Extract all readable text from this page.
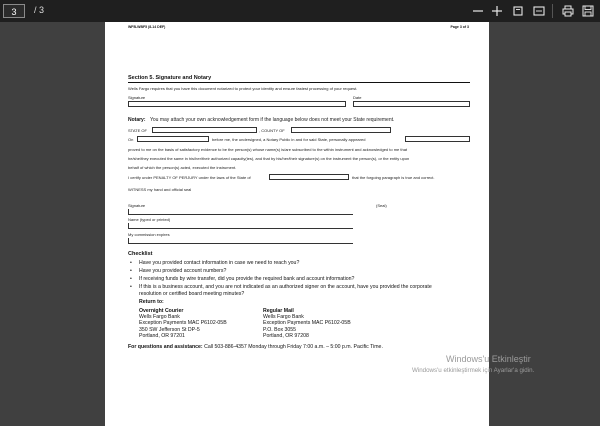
3	/ 3
WFB-WBF5 (8-14 DEF)	Page 3 of 3
Section 5. Signature and Notary
Wells Fargo requires that you have this document notarized to protect your identity and ensure fastest processing of your request.
Signature	Date
Notary: You may attach your own acknowledgement form if the language below does not meet your State requirement.
STATE OF	, COUNTY OF
On	before me, the undersigned, a Notary Public in and for said State, personally appeared
proved to me on the basis of satisfactory evidence to be the person(s) whose name(s) is/are subscribed to the within instrument and acknowledged to me that
he/she/they executed the same in his/her/their authorized capacity(ies), and that by his/her/their signature(s) on the instrument the person(s), or the entity upon
behalf of which the person(s) acted, executed the instrument.
I certify under PENALTY OF PERJURY under the laws of the State of	that the forgoing paragraph is true and correct.
WITNESS my hand and official seal
Signature	(Seal)
Name (typed or printed)
My commission expires
Checklist
• Have you provided contact information in case we need to reach you?
• Have you provided account numbers?
• If receiving funds by wire transfer, did you provide the required bank and account information?
• If this is a business account, and you are not indicated as an authorized signer on the account, have you provided the corporate
resolution or certified board meeting minutes?
Return to:
Overnight Courier
Wells Fargo Bank
Exception Payments MAC P6102-05B
350 SW Jefferson St DP-5
Portland, OR 97201
Regular Mail
Wells Fargo Bank
Exception Payments MAC P6102-05B
P.O. Box 3055
Portland, OR 97208
For questions and assistance: Call 503-886-4357 Monday through Friday 7:00 a.m. – 5:00 p.m. Pacific Time.
Windows'u Etkinleştir
Windows'u etkinleştirmek için Ayarlar'a gidin.
